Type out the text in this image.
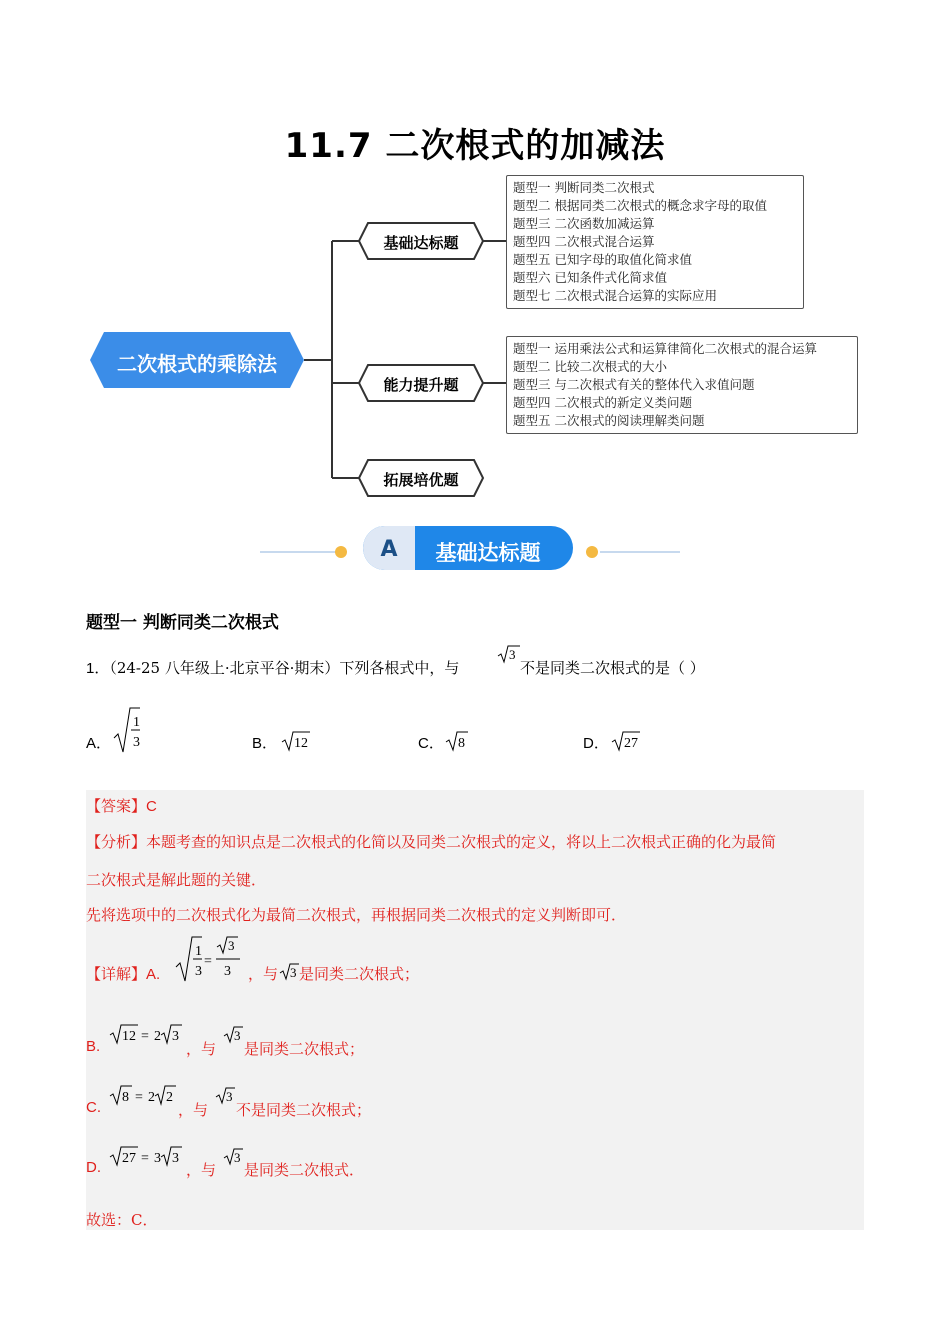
11.7 二次根式的加减法
二次根式的乘除法
基础达标题
能力提升题
拓展培优题
题型一 判断同类二次根式
题型二 根据同类二次根式的概念求字母的取值
题型三 二次函数加减运算
题型四 二次根式混合运算
题型五 已知字母的取值化简求值
题型六 已知条件式化简求值
题型七 二次根式混合运算的实际应用
题型一 运用乘法公式和运算律简化二次根式的混合运算
题型二 比较二次根式的大小
题型三 与二次根式有关的整体代入求值问题
题型四 二次根式的新定义类问题
题型五 二次根式的阅读理解类问题
A	基础达标题
题型一 判断同类二次根式
1．（24-25 八年级上·北京平谷·期末）下列各根式中，与
3
不是同类二次根式的是（ ）
A．
1
3	B． 12	C． 8	D． 27
【答案】C
【分析】本题考查的知识点是二次根式的化简以及同类二次根式的定义，将以上二次根式正确的化为最简
二次根式是解此题的关键．
先将选项中的二次根式化为最简二次根式，再根据同类二次根式的定义判断即可．
【详解】A.
1
3
=
3
3 ，与 3 是同类二次根式；
B.
12 = 2 3
，与
3
是同类二次根式；
C.
8 = 2 2
，与
3
不是同类二次根式；
D.
27 = 3 3
，与
3
是同类二次根式．
故选：C．
